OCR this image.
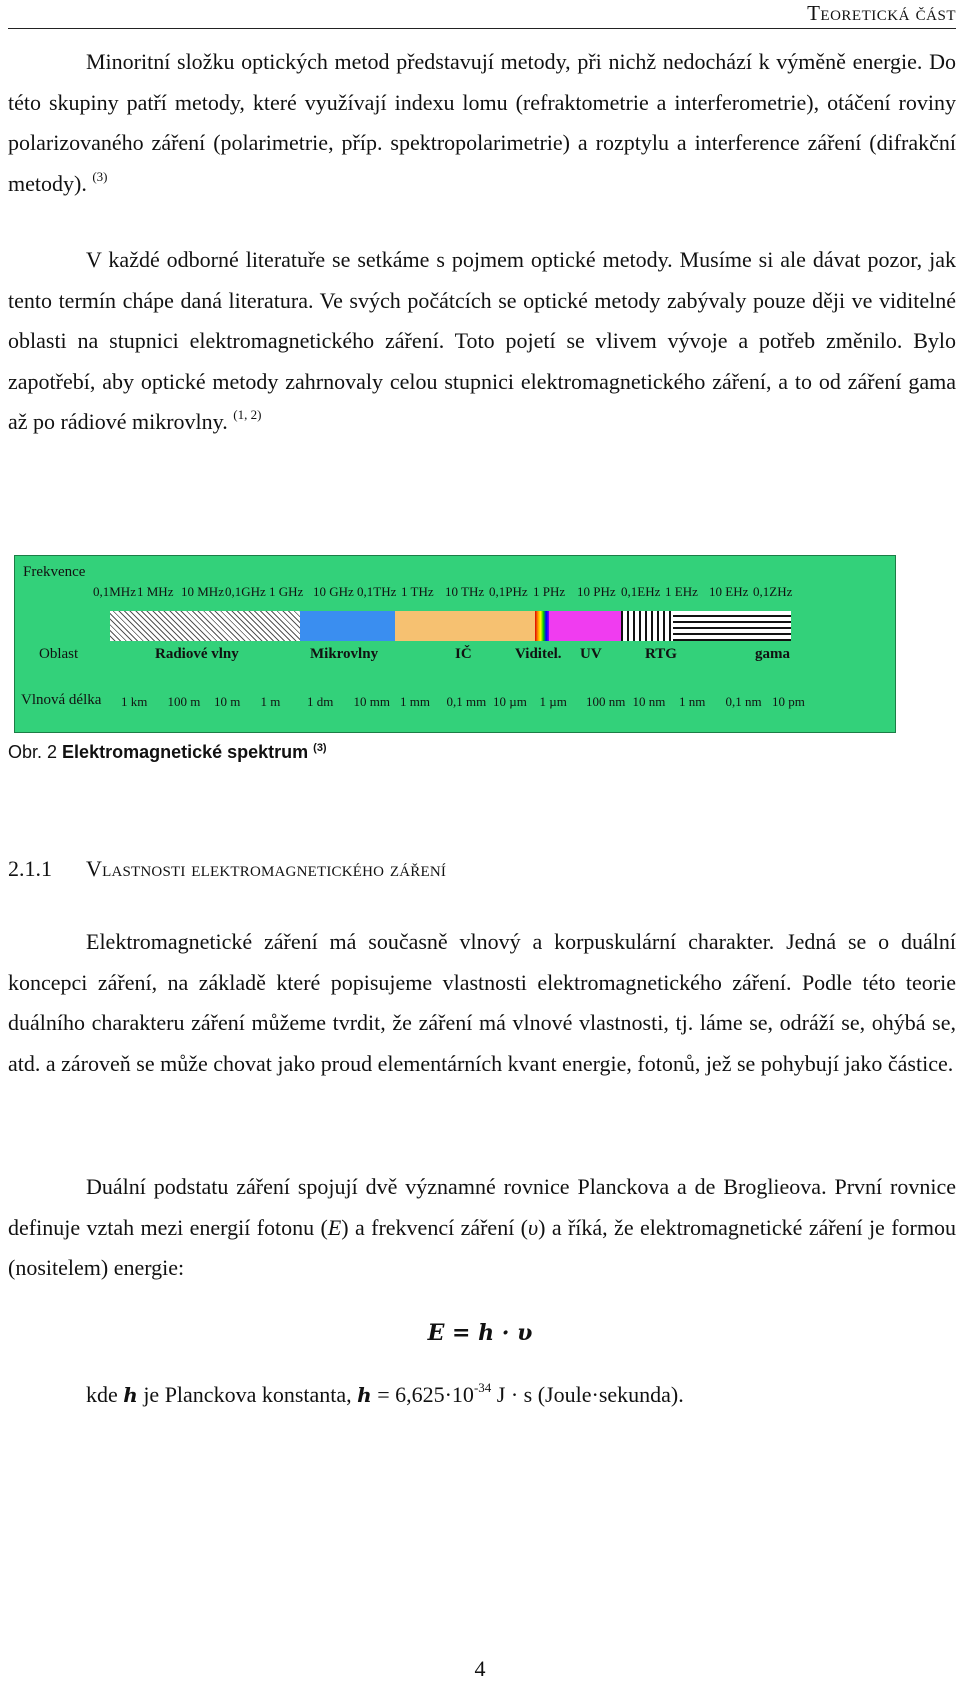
Teoretická část

Minoritní složku optických metod představují metody, při nichž nedochází k výměně energie. Do této skupiny patří metody, které využívají indexu lomu (refraktometrie a interferometrie), otáčení roviny polarizovaného záření (polarimetrie, příp. spektropolarimetrie) a rozptylu a interference záření (difrakční metody). $^{(3)}$

V každé odborné literatuře se setkáme s pojmem optické metody. Musíme si ale dávat pozor, jak tento termín chápe daná literatura. Ve svých počátcích se optické metody zabývaly pouze ději ve viditelné oblasti na stupnici elektromagnetického záření. Toto pojetí se vlivem vývoje a potřeb změnilo. Bylo zapotřebí, aby optické metody zahrnovaly celou stupnici elektromagnetického záření, a to od záření gama až po rádiové mikrovlny. $^{(1, 2)}$

Frekvence
0,1MHz 1 MHz 10 MHz 0,1GHz 1 GHz 10 GHz 0,1THz 1 THz 10 THz 0,1PHz 1 PHz 10 PHz 0,1EHz 1 EHz 10 EHz 0,1ZHz
Oblast	Radiové vlny	Mikrovlny	IČ	Viditel. UV	RTG	gama
Vlnová délka 1 km 100 m 10 m 1 m 1 dm 10 mm 1 mm 0,1 mm 10 µm 1 µm 100 nm 10 nm 1 nm 0,1 nm 10 pm
Obr. 2 Elektromagnetické spektrum $^{(3)}$
2.1.1 Vlastnosti elektromagnetického záření

Elektromagnetické záření má současně vlnový a korpuskulární charakter. Jedná se o duální koncepci záření, na základě které popisujeme vlastnosti elektromagnetického záření. Podle této teorie duálního charakteru záření můžeme tvrdit, že záření má vlnové vlastnosti, tj. láme se, odráží se, ohýbá se, atd. a zároveň se může chovat jako proud elementárních kvant energie, fotonů, jež se pohybují jako částice.

Duální podstatu záření spojují dvě významné rovnice Planckova a de Broglieova. První rovnice definuje vztah mezi energií fotonu (E) a frekvencí záření (υ) a říká, že elektromagnetické záření je formou (nositelem) energie:

E = h · υ
kde h je Planckova konstanta, $h = 6,625\cdot 10^{-34}$ J · s (Joule·sekunda).
4
